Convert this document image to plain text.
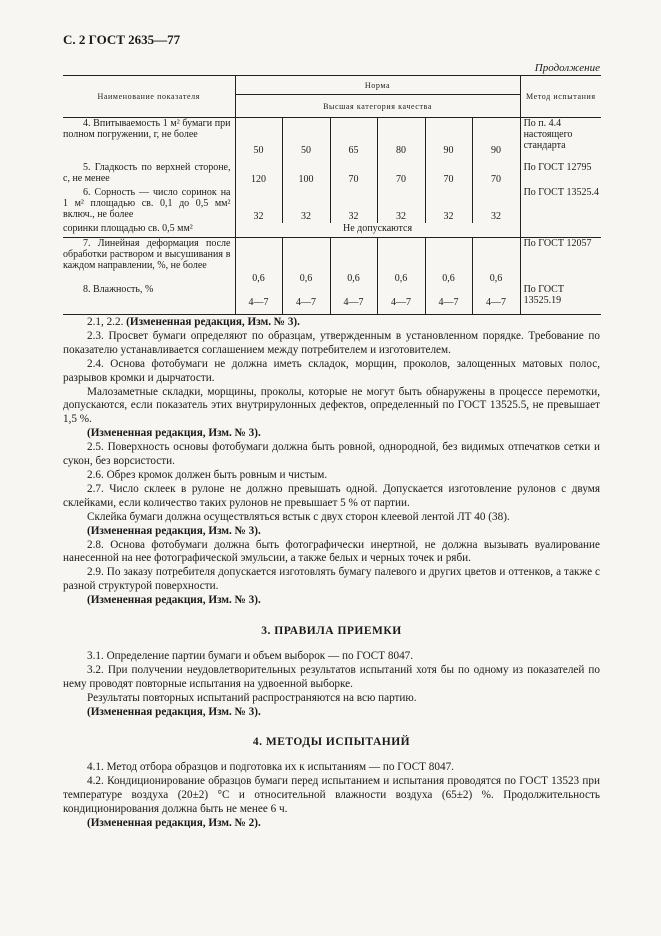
С. 2 ГОСТ 2635—77
Продолжение
Наименование показателя	Норма						Метод испытания
	Высшая категория качества						
4. Впитываемость 1 м² бумаги при полном погружении, г, не более	50	50	65	80	90	90	По п. 4.4 настоящего стандарта
5. Гладкость по верхней стороне, с, не менее	120	100	70	70	70	70	По ГОСТ 12795
6. Сорность — число соринок на 1 м² площадью св. 0,1 до 0,5 мм² включ., не более	32	32	32	32	32	32	По ГОСТ 13525.4
соринки площадью св. 0,5 мм²	Не допускаются						
7. Линейная деформация после обработки раствором и высушивания в каждом направлении, %, не более	0,6	0,6	0,6	0,6	0,6	0,6	По ГОСТ 12057
8. Влажность, %	4—7	4—7	4—7	4—7	4—7	4—7	По ГОСТ 13525.19

2.1, 2.2. (Измененная редакция, Изм. № 3).

2.3. Просвет бумаги определяют по образцам, утвержденным в установленном порядке. Требование по показателю устанавливается соглашением между потребителем и изготовителем.

2.4. Основа фотобумаги не должна иметь складок, морщин, проколов, залощенных матовых полос, разрывов кромки и дырчатости.

Малозаметные складки, морщины, проколы, которые не могут быть обнаружены в процессе перемотки, допускаются, если показатель этих внутрирулонных дефектов, определенный по ГОСТ 13525.5, не превышает 1,5 %.

(Измененная редакция, Изм. № 3).

2.5. Поверхность основы фотобумаги должна быть ровной, однородной, без видимых отпечатков сетки и сукон, без ворсистости.

2.6. Обрез кромок должен быть ровным и чистым.

2.7. Число склеек в рулоне не должно превышать одной. Допускается изготовление рулонов с двумя склейками, если количество таких рулонов не превышает 5 % от партии.

Склейка бумаги должна осуществляться встык с двух сторон клеевой лентой ЛТ 40 (38).

(Измененная редакция, Изм. № 3).

2.8. Основа фотобумаги должна быть фотографически инертной, не должна вызывать вуалирование нанесенной на нее фотографической эмульсии, а также белых и черных точек и ряби.

2.9. По заказу потребителя допускается изготовлять бумагу палевого и других цветов и оттенков, а также с разной структурой поверхности.

(Измененная редакция, Изм. № 3).

3. ПРАВИЛА ПРИЕМКИ

3.1. Определение партии бумаги и объем выборок — по ГОСТ 8047.

3.2. При получении неудовлетворительных результатов испытаний хотя бы по одному из показателей по нему проводят повторные испытания на удвоенной выборке.

Результаты повторных испытаний распространяются на всю партию.

(Измененная редакция, Изм. № 3).

4. МЕТОДЫ ИСПЫТАНИЙ

4.1. Метод отбора образцов и подготовка их к испытаниям — по ГОСТ 8047.

4.2. Кондиционирование образцов бумаги перед испытанием и испытания проводятся по ГОСТ 13523 при температуре воздуха (20±2) °С и относительной влажности воздуха (65±2) %. Продолжительность кондиционирования должна быть не менее 6 ч.

(Измененная редакция, Изм. № 2).
